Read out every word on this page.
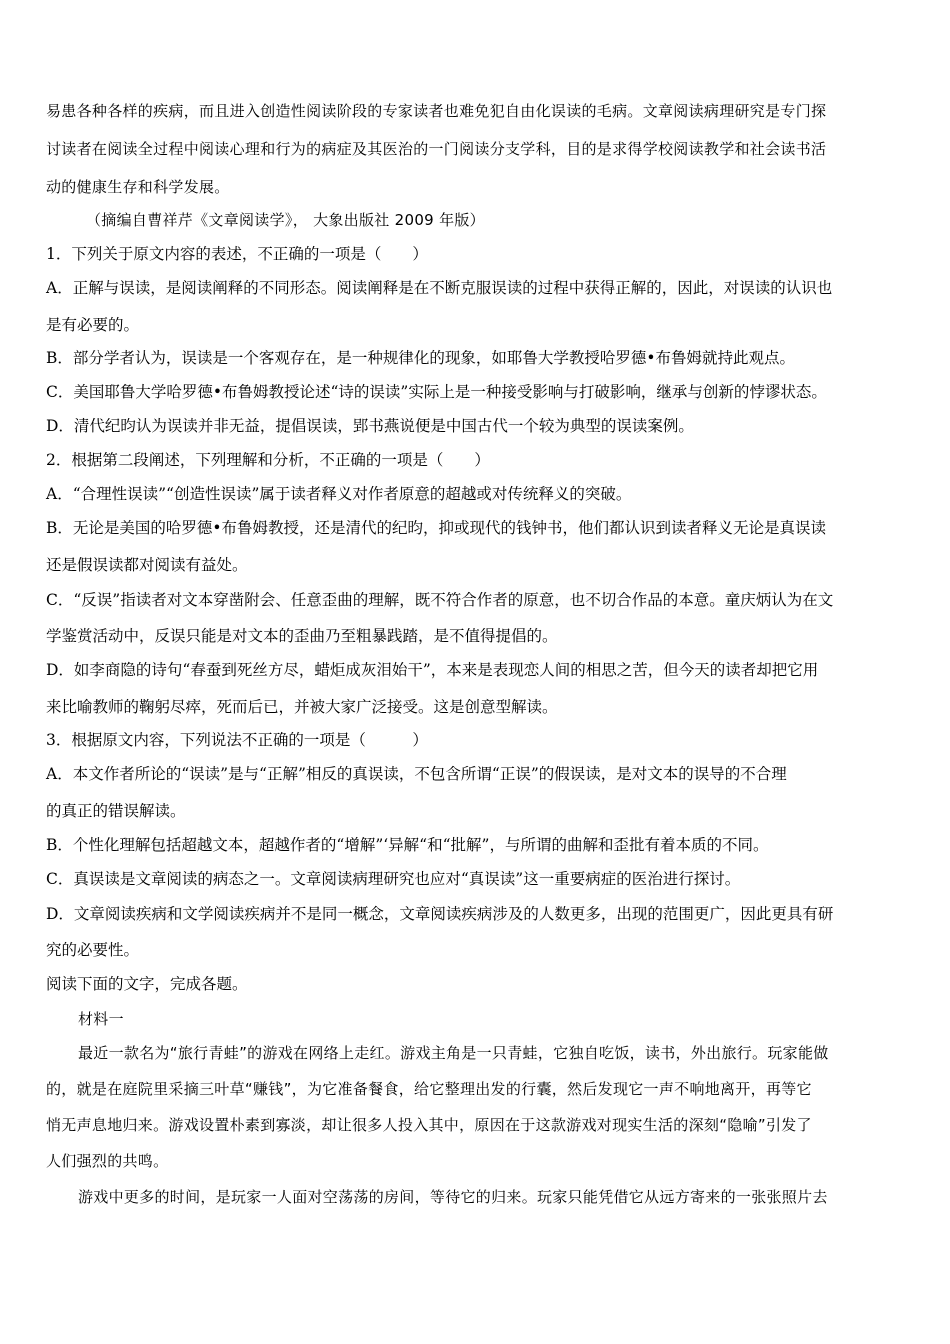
易患各种各样的疾病，而且进入创造性阅读阶段的专家读者也难免犯自由化误读的毛病。文章阅读病理研究是专门探
讨读者在阅读全过程中阅读心理和行为的病症及其医治的一门阅读分支学科，目的是求得学校阅读教学和社会读书活
动的健康生存和科学发展。
（摘编自曹祥芹《文章阅读学》， 大象出版社 2009 年版）
1．下列关于原文内容的表述，不正确的一项是（　　）
A．正解与误读，是阅读阐释的不同形态。阅读阐释是在不断克服误读的过程中获得正解的，因此，对误读的认识也
是有必要的。
B．部分学者认为，误读是一个客观存在，是一种规律化的现象，如耶鲁大学教授哈罗德•布鲁姆就持此观点。
C．美国耶鲁大学哈罗德•布鲁姆教授论述“诗的误读”实际上是一种接受影响与打破影响，继承与创新的悖谬状态。
D．清代纪昀认为误读并非无益，提倡误读，郢书燕说便是中国古代一个较为典型的误读案例。
2．根据第二段阐述，下列理解和分析，不正确的一项是（　　）
A．“合理性误读”“创造性误读”属于读者释义对作者原意的超越或对传统释义的突破。
B．无论是美国的哈罗德•布鲁姆教授，还是清代的纪昀，抑或现代的钱钟书，他们都认识到读者释义无论是真误读
还是假误读都对阅读有益处。
C．“反误”指读者对文本穿凿附会、任意歪曲的理解，既不符合作者的原意，也不切合作品的本意。童庆炳认为在文
学鉴赏活动中，反误只能是对文本的歪曲乃至粗暴践踏，是不值得提倡的。
D．如李商隐的诗句“春蚕到死丝方尽，蜡炬成灰泪始干”，本来是表现恋人间的相思之苦，但今天的读者却把它用
来比喻教师的鞠躬尽瘁，死而后已，并被大家广泛接受。这是创意型解读。
3．根据原文内容，下列说法不正确的一项是（　　　）
A．本文作者所论的“误读”是与“正解”相反的真误读，不包含所谓“正误”的假误读，是对文本的误导的不合理
的真正的错误解读。
B．个性化理解包括超越文本，超越作者的“增解”‘异解“和“批解”，与所谓的曲解和歪批有着本质的不同。
C．真误读是文章阅读的病态之一。文章阅读病理研究也应对“真误读”这一重要病症的医治进行探讨。
D．文章阅读疾病和文学阅读疾病并不是同一概念，文章阅读疾病涉及的人数更多，出现的范围更广，因此更具有研
究的必要性。
阅读下面的文字，完成各题。
材料一
最近一款名为“旅行青蛙”的游戏在网络上走红。游戏主角是一只青蛙，它独自吃饭，读书，外出旅行。玩家能做
的，就是在庭院里采摘三叶草“赚钱”，为它准备餐食，给它整理出发的行囊，然后发现它一声不响地离开，再等它
悄无声息地归来。游戏设置朴素到寡淡，却让很多人投入其中，原因在于这款游戏对现实生活的深刻“隐喻”引发了
人们强烈的共鸣。
游戏中更多的时间，是玩家一人面对空荡荡的房间，等待它的归来。玩家只能凭借它从远方寄来的一张张照片去
